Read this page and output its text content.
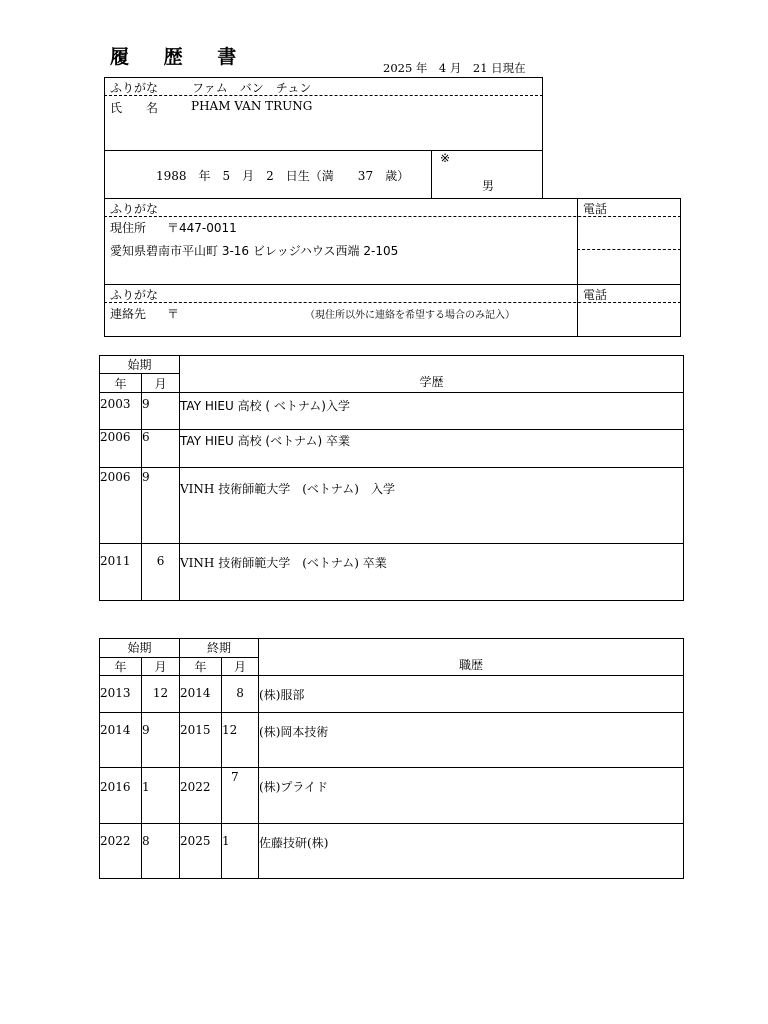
履 歴 書	2025 年　4 月　21 日現在
ふりがな	ファム　バン　チュン
氏　　名	PHAM VAN TRUNG
1988　年　5　月　2　日生（満　　37　歳）
※
男
ふりがな	電話
現住所 〒447-0011
愛知県碧南市平山町 3-16 ビレッジハウス西端 2-105
ふりがな	電話
連絡先 〒	（現住所以外に連絡を希望する場合のみ記入）
始期		学歴
年	月	
2003	9	TAY HIEU 高校 ( ベトナム)入学
2006	6	TAY HIEU 高校 (ベトナム) 卒業
2006	9	VINH 技術師範大学　(ベトナム)　入学
2011	6	VINH 技術師範大学　(ベトナム) 卒業
始期		終期		職歴
年	月	年	月	
2013	12	2014	8	(株)服部
2014	9	2015	12	(株)岡本技術
2016	1	2022	7	(株)プライド
2022	8	2025	1	佐藤技研(株)
